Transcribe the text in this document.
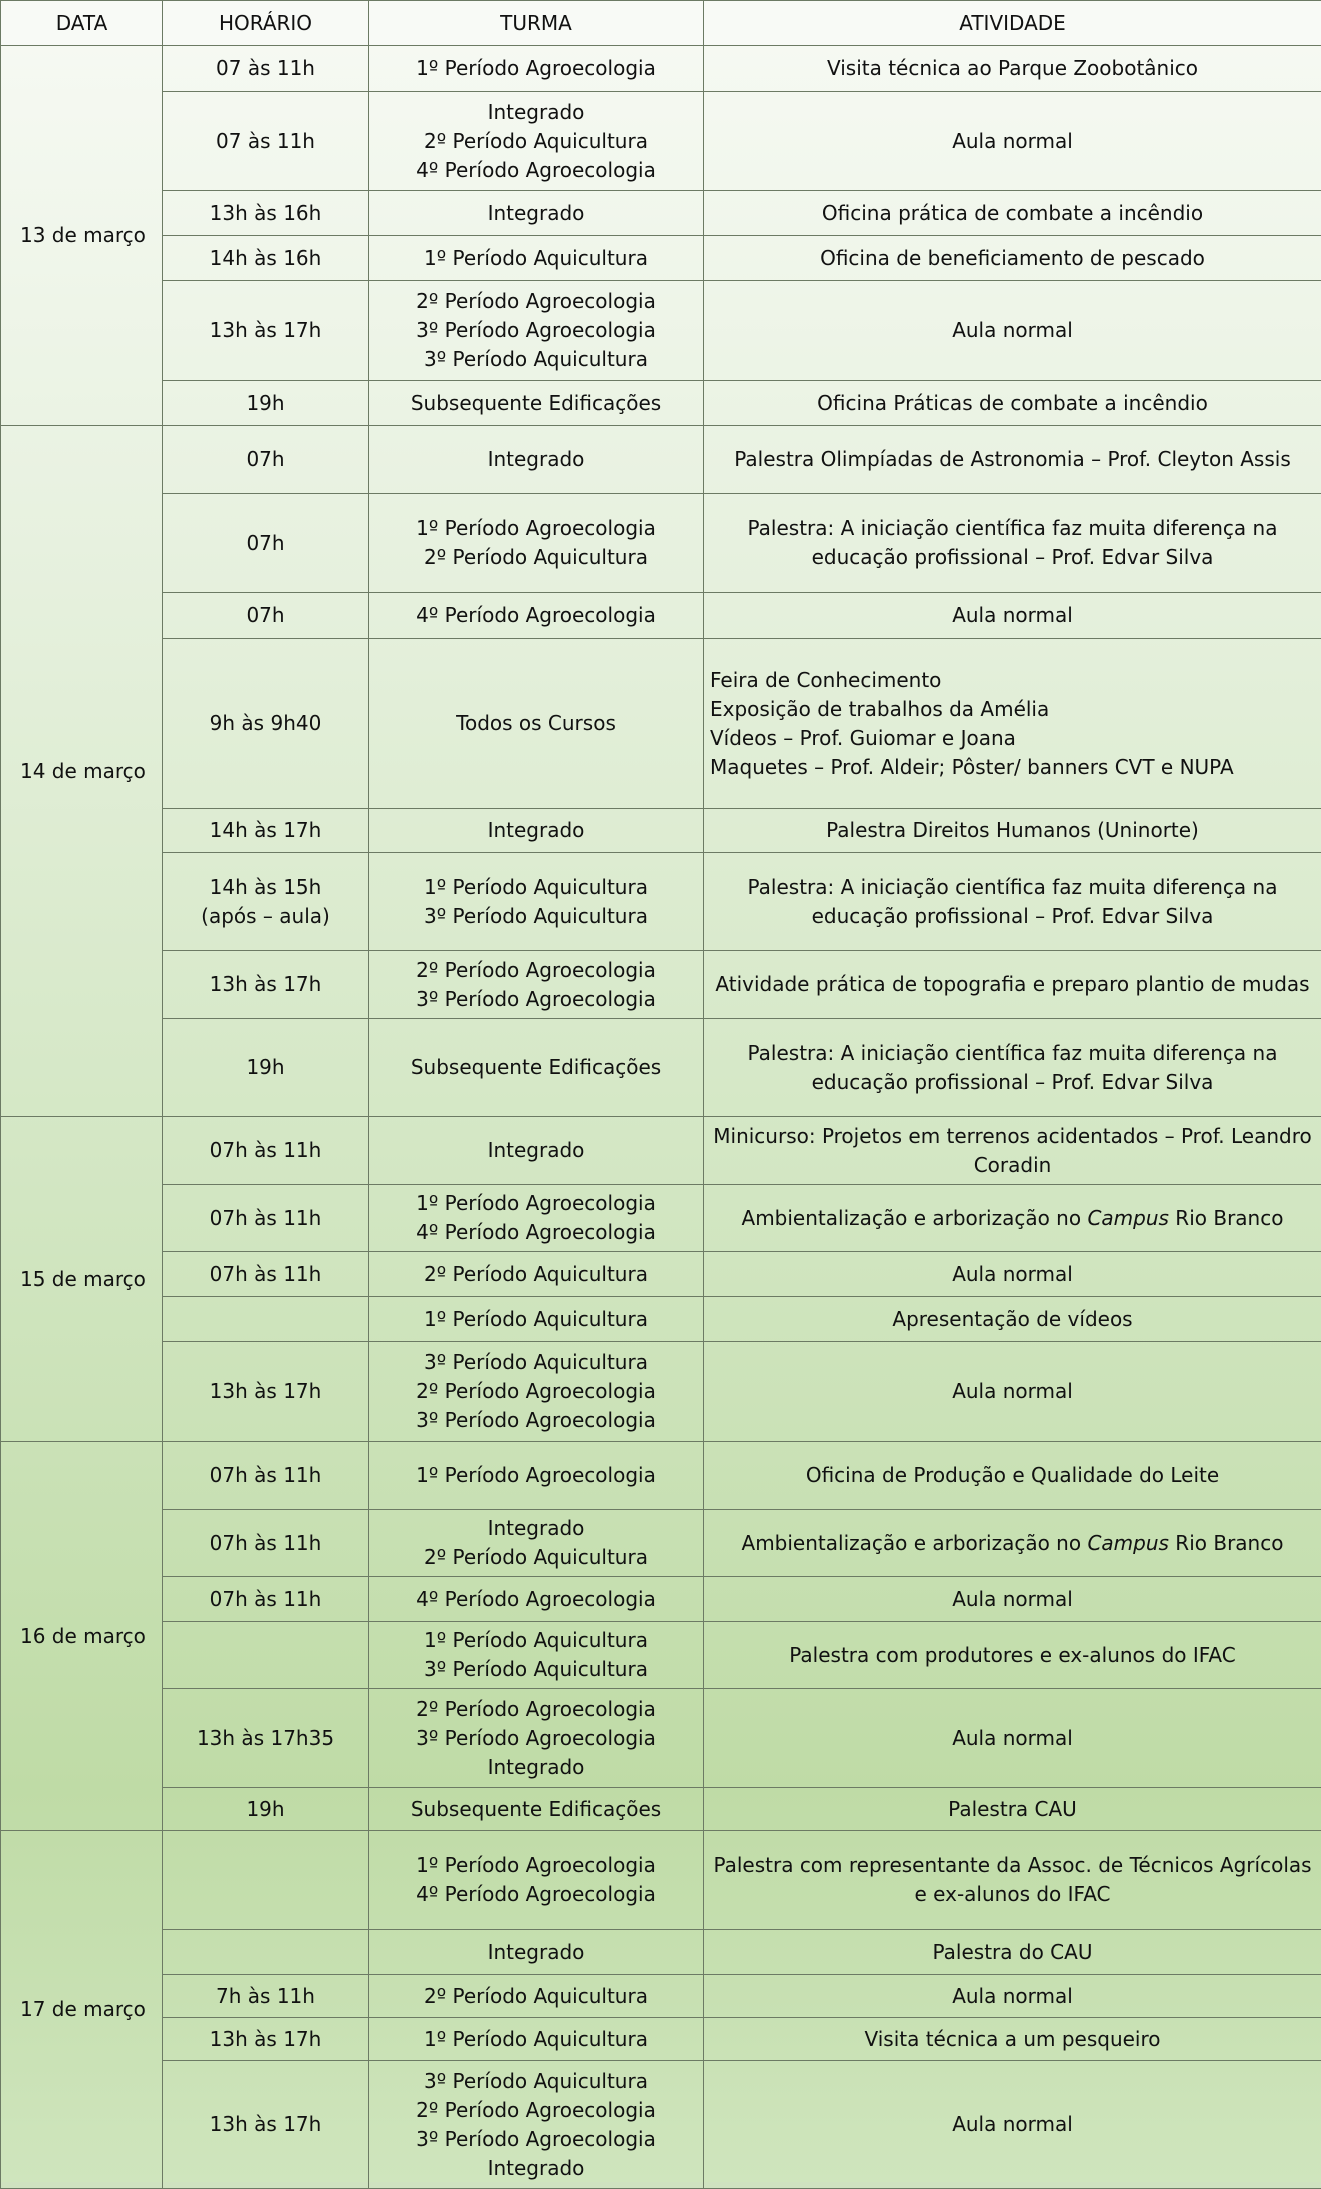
DATA	HORÁRIO	TURMA	ATIVIDADE
13 de março	07 às 11h	1º Período Agroecologia	Visita técnica ao Parque Zoobotânico

	07 às 11h	Integrado
2º Período Aquicultura
4º Período Agroecologia	Aula normal

	13h às 16h	Integrado	Oficina prática de combate a incêndio

	14h às 16h	1º Período Aquicultura	Oficina de beneficiamento de pescado

	13h às 17h	2º Período Agroecologia
3º Período Agroecologia
3º Período Aquicultura	Aula normal

	19h	Subsequente Edificações	Oficina Práticas de combate a incêndio

14 de março	07h	Integrado	Palestra Olimpíadas de Astronomia – Prof. Cleyton Assis

	07h	1º Período Agroecologia
2º Período Aquicultura	Palestra: A iniciação científica faz muita diferença na educação profissional – Prof. Edvar Silva

	07h	4º Período Agroecologia	Aula normal

	9h às 9h40	Todos os Cursos	Feira de Conhecimento
Exposição de trabalhos da Amélia
Vídeos – Prof. Guiomar e Joana
Maquetes – Prof. Aldeir; Pôster/ banners CVT e NUPA

	14h às 17h	Integrado	Palestra Direitos Humanos (Uninorte)

	14h às 15h
(após – aula)	1º Período Aquicultura
3º Período Aquicultura	Palestra: A iniciação científica faz muita diferença na educação profissional – Prof. Edvar Silva

	13h às 17h	2º Período Agroecologia
3º Período Agroecologia	Atividade prática de topografia e preparo plantio de mudas

	19h	Subsequente Edificações	Palestra: A iniciação científica faz muita diferença na educação profissional – Prof. Edvar Silva

15 de março	07h às 11h	Integrado	Minicurso: Projetos em terrenos acidentados – Prof. Leandro Coradin

	07h às 11h	1º Período Agroecologia
4º Período Agroecologia	Ambientalização e arborização no Campus Rio Branco

	07h às 11h	2º Período Aquicultura	Aula normal

		1º Período Aquicultura	Apresentação de vídeos

	13h às 17h	3º Período Aquicultura
2º Período Agroecologia
3º Período Agroecologia	Aula normal

16 de março	07h às 11h	1º Período Agroecologia	Oficina de Produção e Qualidade do Leite

	07h às 11h	Integrado
2º Período Aquicultura	Ambientalização e arborização no Campus Rio Branco

	07h às 11h	4º Período Agroecologia	Aula normal

		1º Período Aquicultura
3º Período Aquicultura	Palestra com produtores e ex-alunos do IFAC

	13h às 17h35	2º Período Agroecologia
3º Período Agroecologia
Integrado	Aula normal

	19h	Subsequente Edificações	Palestra CAU

17 de março		1º Período Agroecologia
4º Período Agroecologia	Palestra com representante da Assoc. de Técnicos Agrícolas e ex-alunos do IFAC

		Integrado	Palestra do CAU

	7h às 11h	2º Período Aquicultura	Aula normal

	13h às 17h	1º Período Aquicultura	Visita técnica a um pesqueiro

	13h às 17h	3º Período Aquicultura
2º Período Agroecologia
3º Período Agroecologia
Integrado	Aula normal
